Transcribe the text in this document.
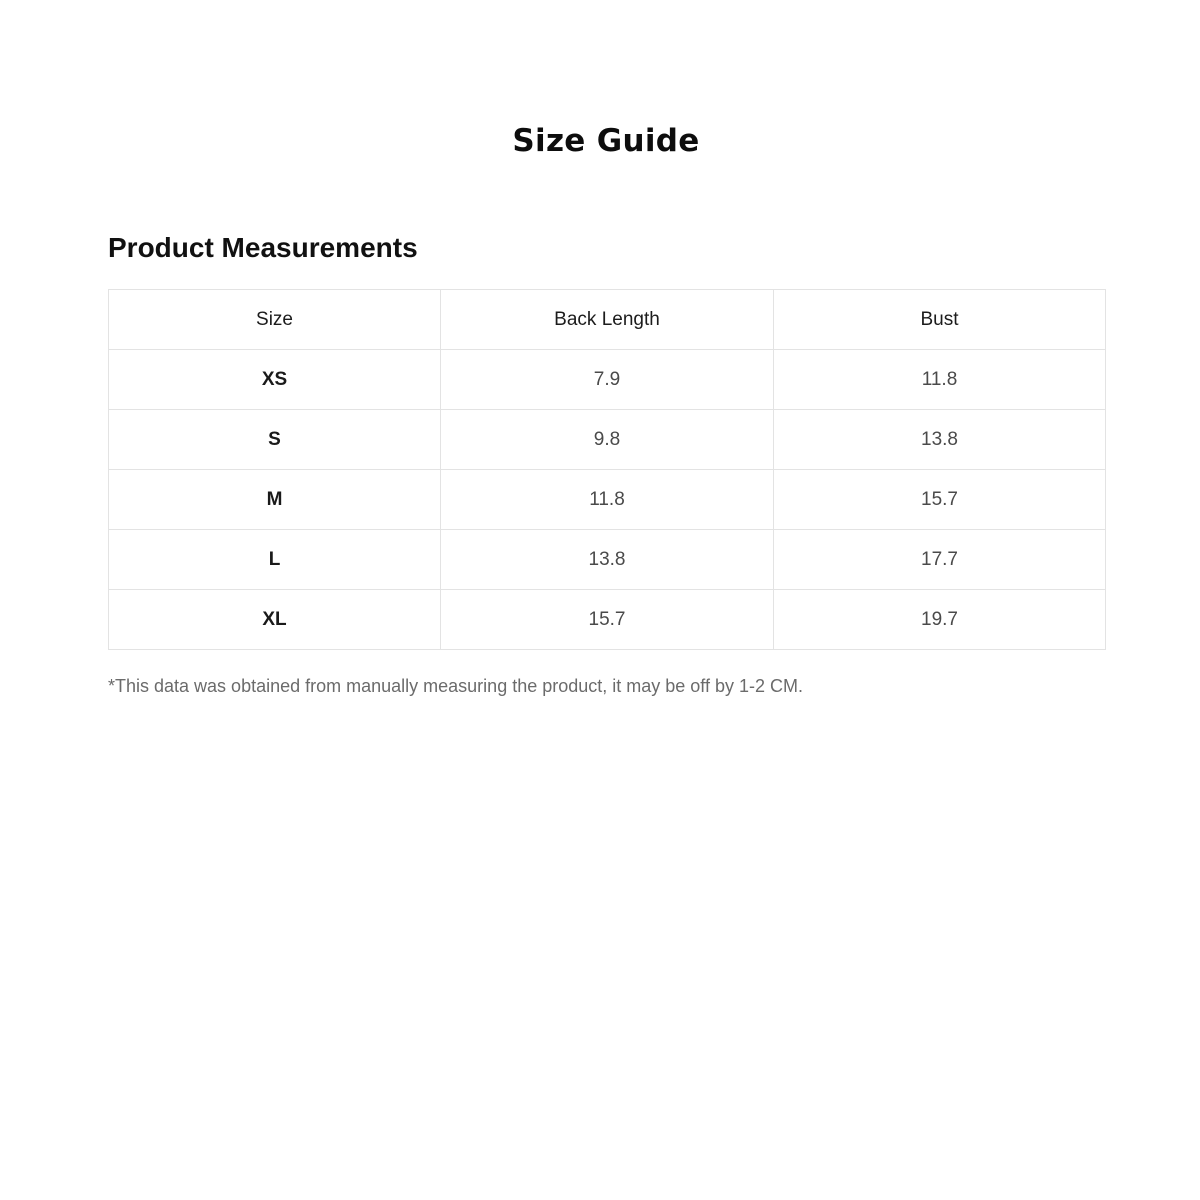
Size Guide
Product Measurements
Size	Back Length	Bust
XS	7.9	11.8
S	9.8	13.8
M	11.8	15.7
L	13.8	17.7
XL	15.7	19.7
*This data was obtained from manually measuring the product, it may be off by 1-2 CM.
